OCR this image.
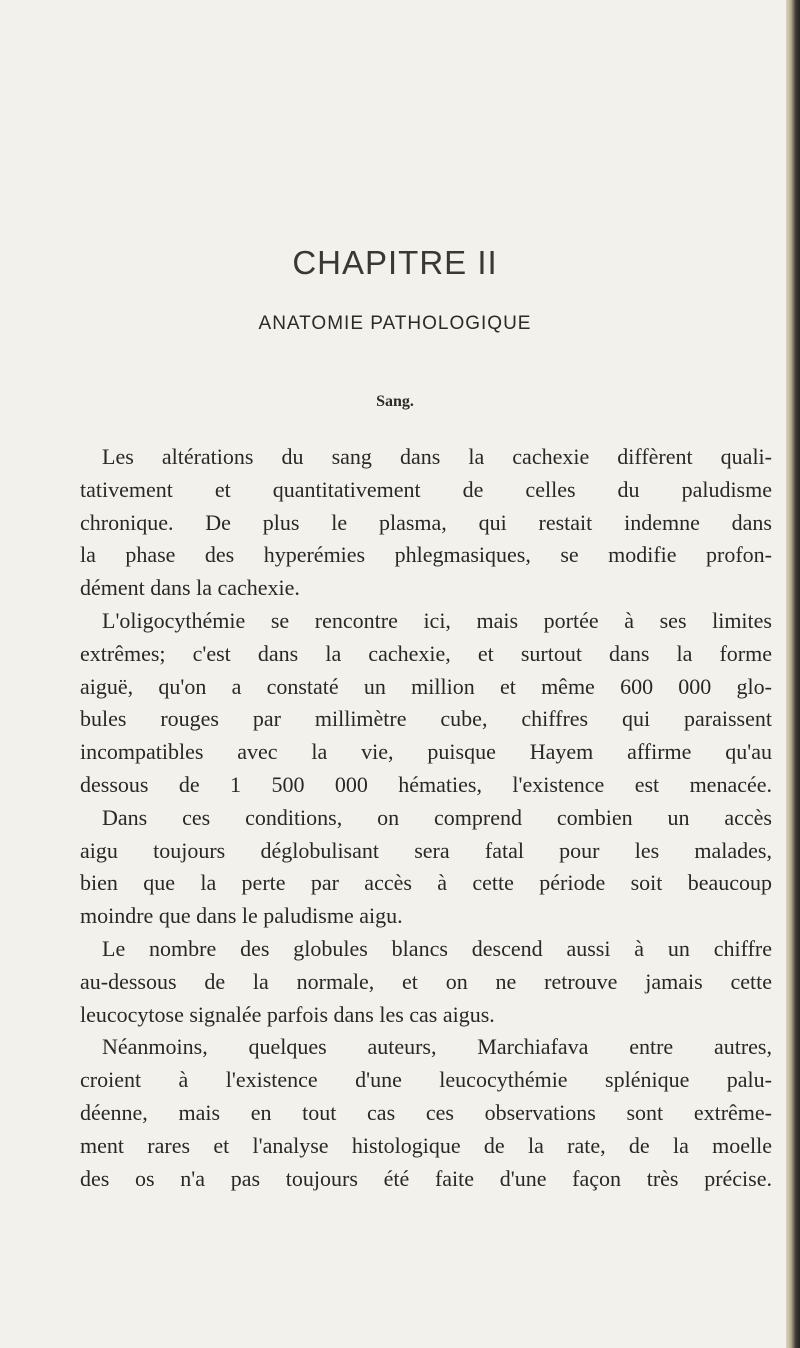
CHAPITRE II
ANATOMIE PATHOLOGIQUE
Sang.
Les altérations du sang dans la cachexie diffèrent quali-
tativement et quantitativement de celles du paludisme
chronique. De plus le plasma, qui restait indemne dans
la phase des hyperémies phlegmasiques, se modifie profon-
dément dans la cachexie.
L'oligocythémie se rencontre ici, mais portée à ses limites
extrêmes; c'est dans la cachexie, et surtout dans la forme
aiguë, qu'on a constaté un million et même 600 000 glo-
bules rouges par millimètre cube, chiffres qui paraissent
incompatibles avec la vie, puisque Hayem affirme qu'au
dessous de 1 500 000 hématies, l'existence est menacée.
Dans ces conditions, on comprend combien un accès
aigu toujours déglobulisant sera fatal pour les malades,
bien que la perte par accès à cette période soit beaucoup
moindre que dans le paludisme aigu.
Le nombre des globules blancs descend aussi à un chiffre
au-dessous de la normale, et on ne retrouve jamais cette
leucocytose signalée parfois dans les cas aigus.
Néanmoins, quelques auteurs, Marchiafava entre autres,
croient à l'existence d'une leucocythémie splénique palu-
déenne, mais en tout cas ces observations sont extrême-
ment rares et l'analyse histologique de la rate, de la moelle
des os n'a pas toujours été faite d'une façon très précise.
